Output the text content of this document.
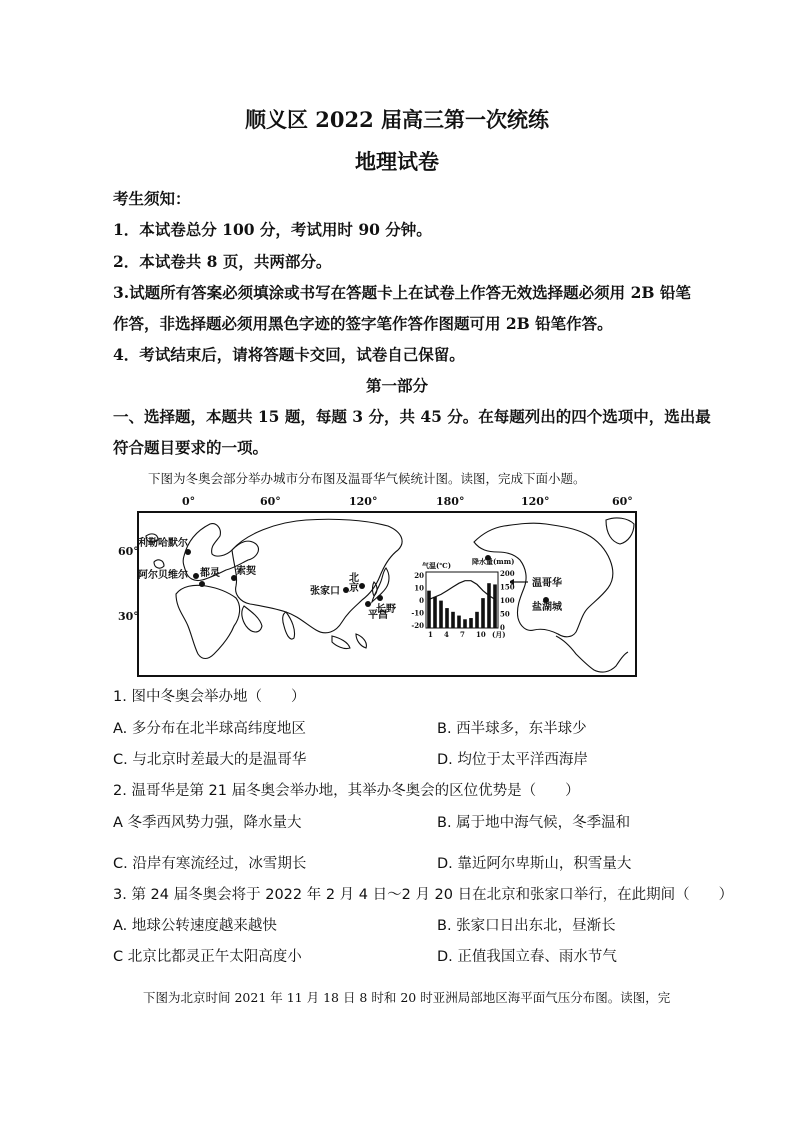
顺义区 2022 届高三第一次统练
地理试卷
考生须知：
1．本试卷总分 100 分，考试用时 90 分钟。
2．本试卷共 8 页，共两部分。
3.试题所有答案必须填涂或书写在答题卡上在试卷上作答无效选择题必须用 2B 铅笔
作答，非选择题必须用黑色字迹的签字笔作答作图题可用 2B 铅笔作答。
4．考试结束后，请将答题卡交回，试卷自己保留。
第一部分
一、选择题，本题共 15 题，每题 3 分，共 45 分。在每题列出的四个选项中，选出最
符合题目要求的一项。
下图为冬奥会部分举办城市分布图及温哥华气候统计图。读图，完成下面小题。
0°	60°	120°	180°	120°	60°
60°
30°
利勒哈默尔
阿尔贝维尔 都灵 索契
张家口
平昌
长野
温哥华
盐湖城
北京
气温(℃)	降水量(mm)
20
10
0
-10
-20
200
150
100
50
0
1 4 7 10 (月)
1. 图中冬奥会举办地（　　）
A. 多分布在北半球高纬度地区	B. 西半球多，东半球少
C. 与北京时差最大的是温哥华	D. 均位于太平洋西海岸
2. 温哥华是第 21 届冬奥会举办地，其举办冬奥会的区位优势是（　　）
A 冬季西风势力强，降水量大	B. 属于地中海气候，冬季温和
C. 沿岸有寒流经过，冰雪期长	D. 靠近阿尔卑斯山，积雪量大
3. 第 24 届冬奥会将于 2022 年 2 月 4 日～2 月 20 日在北京和张家口举行，在此期间（　　）
A. 地球公转速度越来越快	B. 张家口日出东北，昼渐长
C 北京比都灵正午太阳高度小	D. 正值我国立春、雨水节气
下图为北京时间 2021 年 11 月 18 日 8 时和 20 时亚洲局部地区海平面气压分布图。读图，完
